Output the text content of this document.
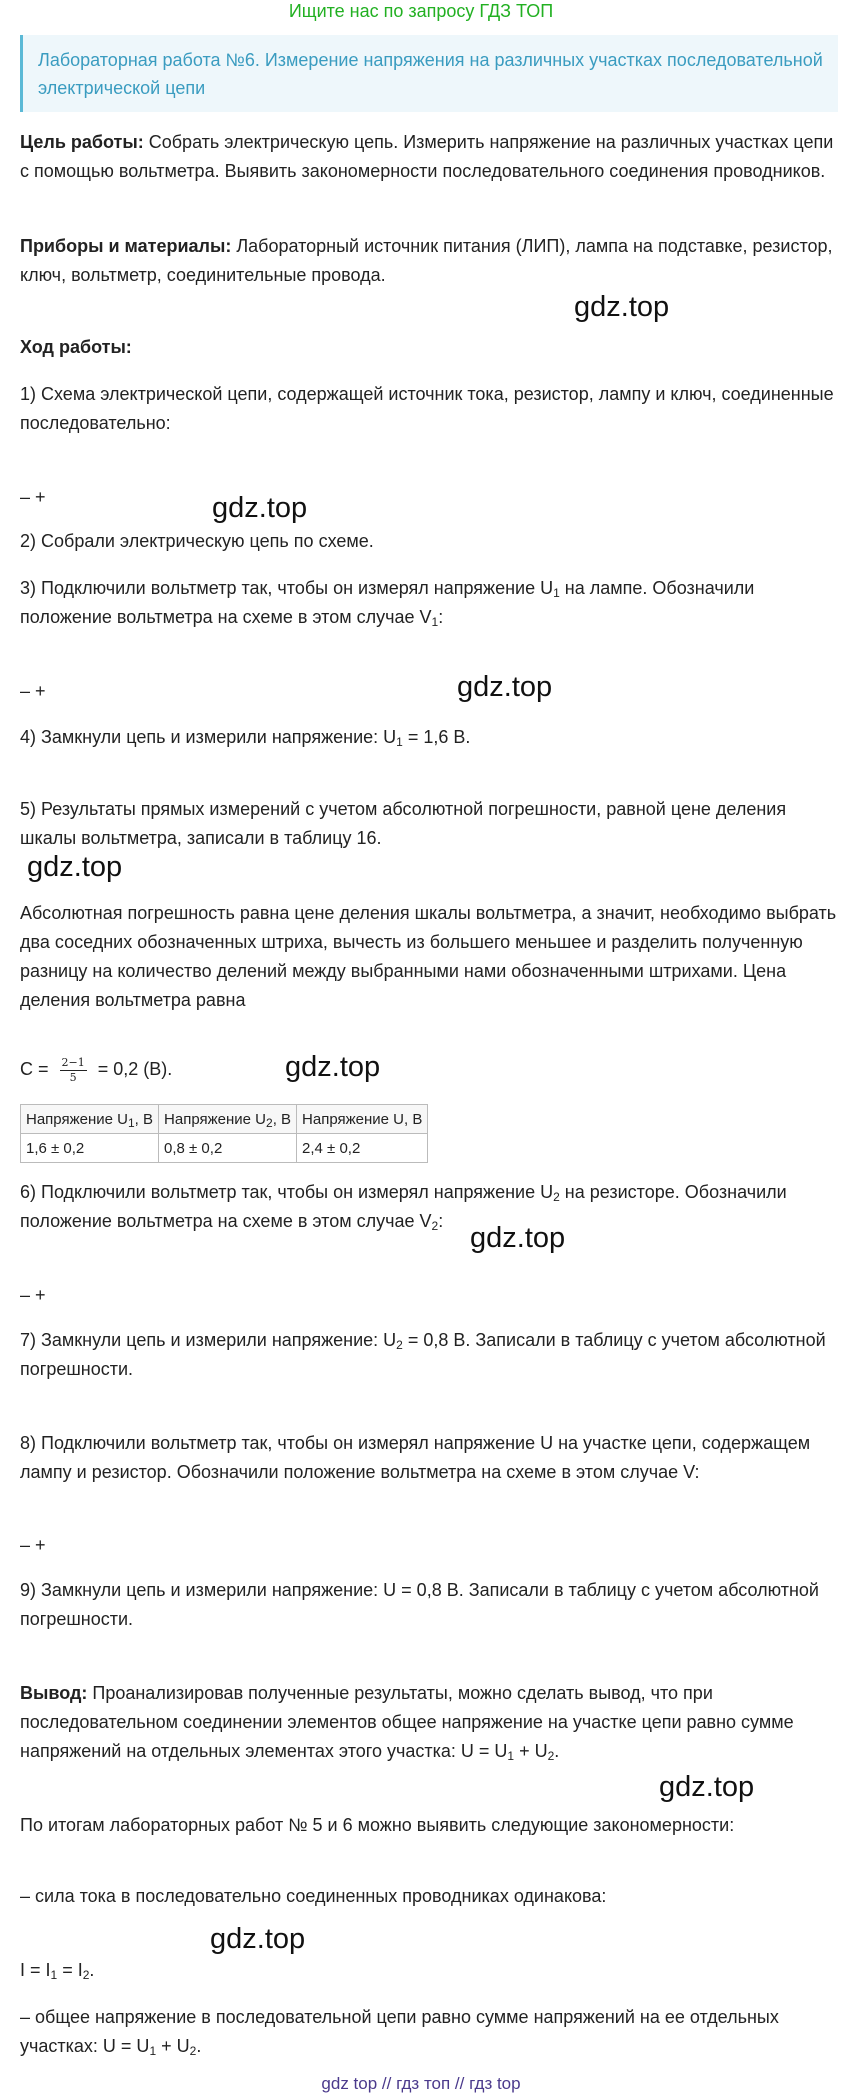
Ищите нас по запросу ГДЗ ТОП
Лабораторная работа №6. Измерение напряжения на различных участках последовательной электрической цепи

Цель работы: Собрать электрическую цепь. Измерить напряжение на различных участках цепи с помощью вольтметра. Выявить закономерности последовательного соединения проводников.

Приборы и материалы: Лабораторный источник питания (ЛИП), лампа на подставке, резистор, ключ, вольтметр, соединительные провода.

gdz.top

Ход работы:

1) Схема электрической цепи, содержащей источник тока, резистор, лампу и ключ, соединенные последовательно:

– +	gdz.top

2) Собрали электрическую цепь по схеме.

3) Подключили вольтметр так, чтобы он измерял напряжение $U_1$ на лампе. Обозначили положение вольтметра на схеме в этом случае $V_1$:

– +	gdz.top

4) Замкнули цепь и измерили напряжение: $U_1 = 1,6$ В.

5) Результаты прямых измерений с учетом абсолютной погрешности, равной цене деления шкалы вольтметра, записали в таблицу 16.

gdz.top

Абсолютная погрешность равна цене деления шкалы вольтметра, а значит, необходимо выбрать два соседних обозначенных штриха, вычесть из большего меньшее и разделить полученную разницу на количество делений между выбранными нами обозначенными штрихами. Цена деления вольтметра равна

$С = \frac{2-1}{5} = 0,2$ (В).	gdz.top
Напряжение $U_1$, В	Напряжение $U_2$, В	Напряжение U, В
1,6 ± 0,2	0,8 ± 0,2	2,4 ± 0,2

6) Подключили вольтметр так, чтобы он измерял напряжение $U_2$ на резисторе. Обозначили положение вольтметра на схеме в этом случае $V_2$:

gdz.top

– +

7) Замкнули цепь и измерили напряжение: $U_2 = 0,8$ В. Записали в таблицу с учетом абсолютной погрешности.

8) Подключили вольтметр так, чтобы он измерял напряжение U на участке цепи, содержащем лампу и резистор. Обозначили положение вольтметра на схеме в этом случае V:

– +

9) Замкнули цепь и измерили напряжение: U = 0,8 В. Записали в таблицу с учетом абсолютной погрешности.

Вывод: Проанализировав полученные результаты, можно сделать вывод, что при последовательном соединении элементов общее напряжение на участке цепи равно сумме напряжений на отдельных элементах этого участка: $U = U_1 + U_2$.

gdz.top

По итогам лабораторных работ № 5 и 6 можно выявить следующие закономерности:

– сила тока в последовательно соединенных проводниках одинакова:

gdz.top

$I = I_1 = I_2$.

– общее напряжение в последовательной цепи равно сумме напряжений на ее отдельных участках: $U = U_1 + U_2$.

gdz top // гдз топ // гдз top
